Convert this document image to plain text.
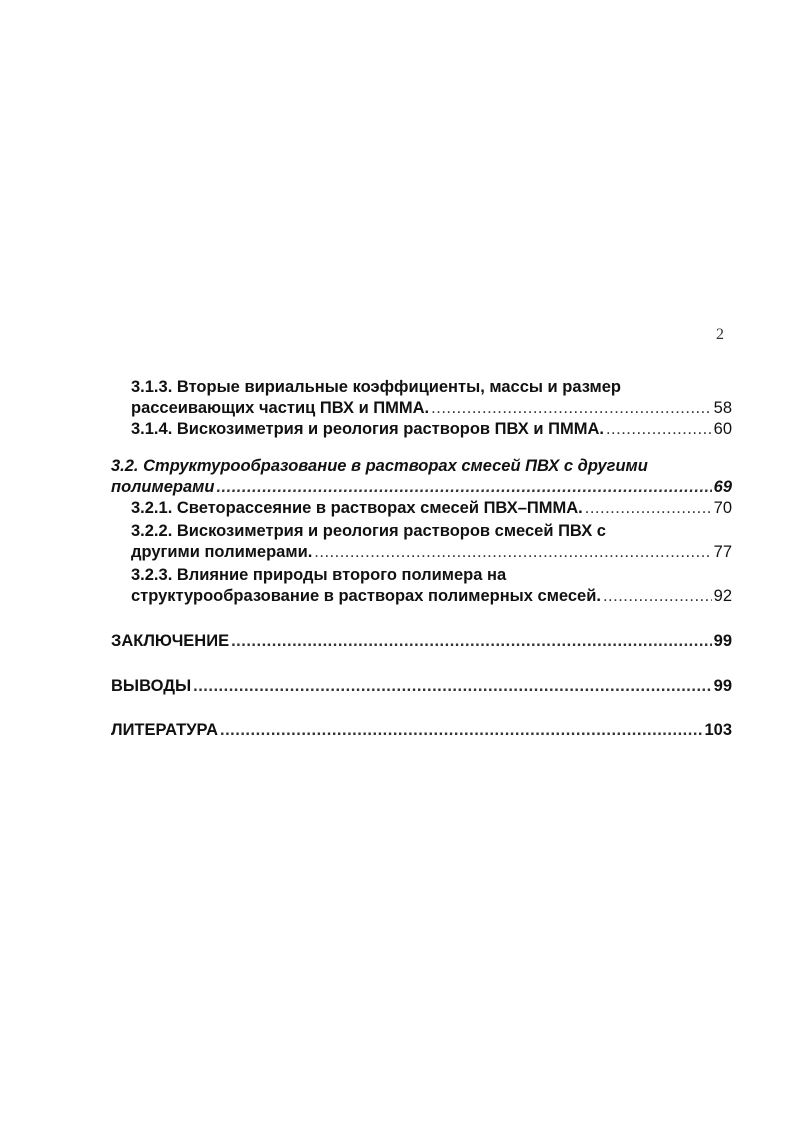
2
3.1.3. Вторые вириальные коэффициенты, массы и размер
рассеивающих частиц ПВХ и ПММА. .....	58
3.1.4. Вискозиметрия и реология растворов ПВХ и ПММА. .....	60
3.2. Структурообразование в растворах смесей ПВХ с другими
полимерами .....	69
3.2.1. Светорассеяние в растворах смесей ПВХ–ПММА. .....	70
3.2.2. Вискозиметрия и реология растворов смесей ПВХ с
другими полимерами. .....	77
3.2.3. Влияние природы второго полимера на
структурообразование в растворах полимерных смесей. .....	92
ЗАКЛЮЧЕНИЕ .....	99
ВЫВОДЫ .....	99
ЛИТЕРАТУРА .....	103
